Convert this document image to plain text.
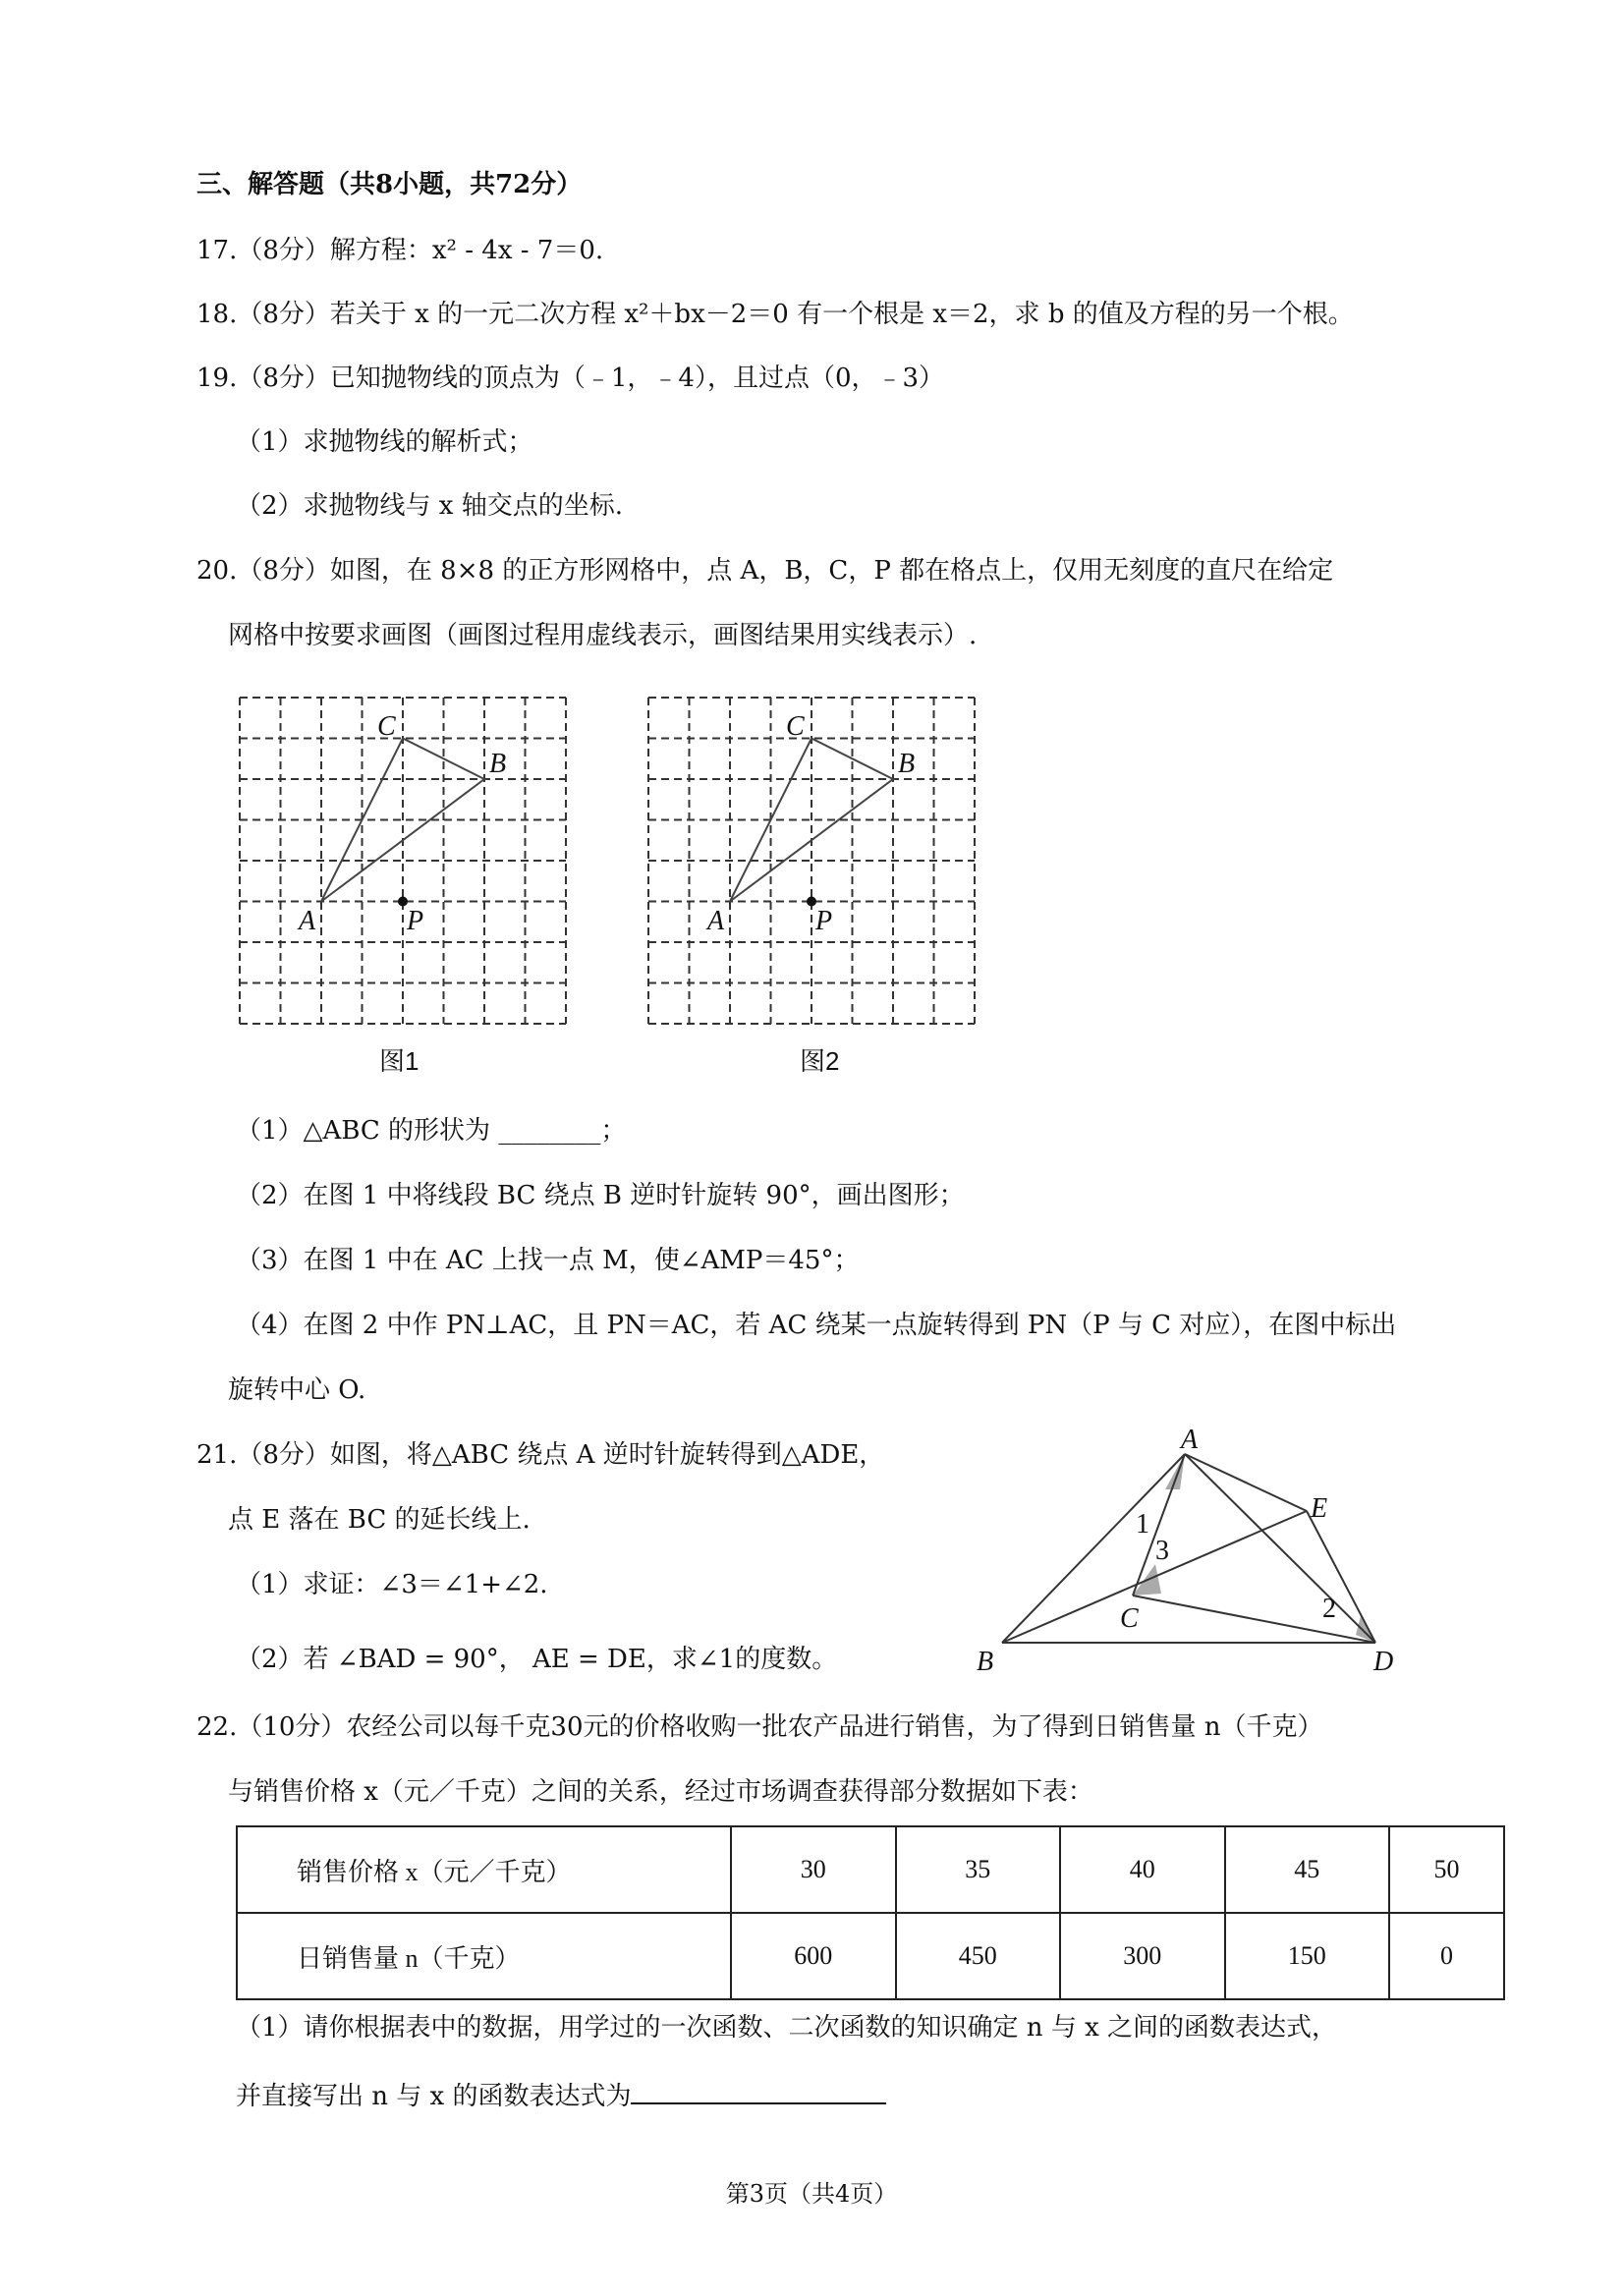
三、解答题（共8小题，共72分）
17.（8分）解方程：x² - 4x - 7＝0.
18.（8分）若关于 x 的一元二次方程 x²＋bx－2＝0 有一个根是 x＝2，求 b 的值及方程的另一个根。
19.（8分）已知抛物线的顶点为（﹣1，﹣4），且过点（0，﹣3）
（1）求抛物线的解析式；
（2）求抛物线与 x 轴交点的坐标.
20.（8分）如图，在 8×8 的正方形网格中，点 A，B，C，P 都在格点上，仅用无刻度的直尺在给定
网格中按要求画图（画图过程用虚线表示，画图结果用实线表示）.
C
B
A	P
图1
C
B
A	P
图2
（1）△ABC 的形状为 ________；
（2）在图 1 中将线段 BC 绕点 B 逆时针旋转 90°，画出图形；
（3）在图 1 中在 AC 上找一点 M，使∠AMP＝45°；
（4）在图 2 中作 PN⊥AC，且 PN＝AC，若 AC 绕某一点旋转得到 PN（P 与 C 对应），在图中标出
旋转中心 O.
21.（8分）如图，将△ABC 绕点 A 逆时针旋转得到△ADE，
点 E 落在 BC 的延长线上.
（1）求证：∠3＝∠1+∠2.
（2）若 ∠BAD = 90°， AE = DE，求∠1的度数。
A
E
C
B	D
1
3
2
22.（10分）农经公司以每千克30元的价格收购一批农产品进行销售，为了得到日销售量 n（千克）
与销售价格 x（元／千克）之间的关系，经过市场调查获得部分数据如下表：
销售价格 x（元／千克）	30	35	40	45	50
日销售量 n（千克）	600	450	300	150	0
（1）请你根据表中的数据，用学过的一次函数、二次函数的知识确定 n 与 x 之间的函数表达式，
并直接写出 n 与 x 的函数表达式为
第3页（共4页）
